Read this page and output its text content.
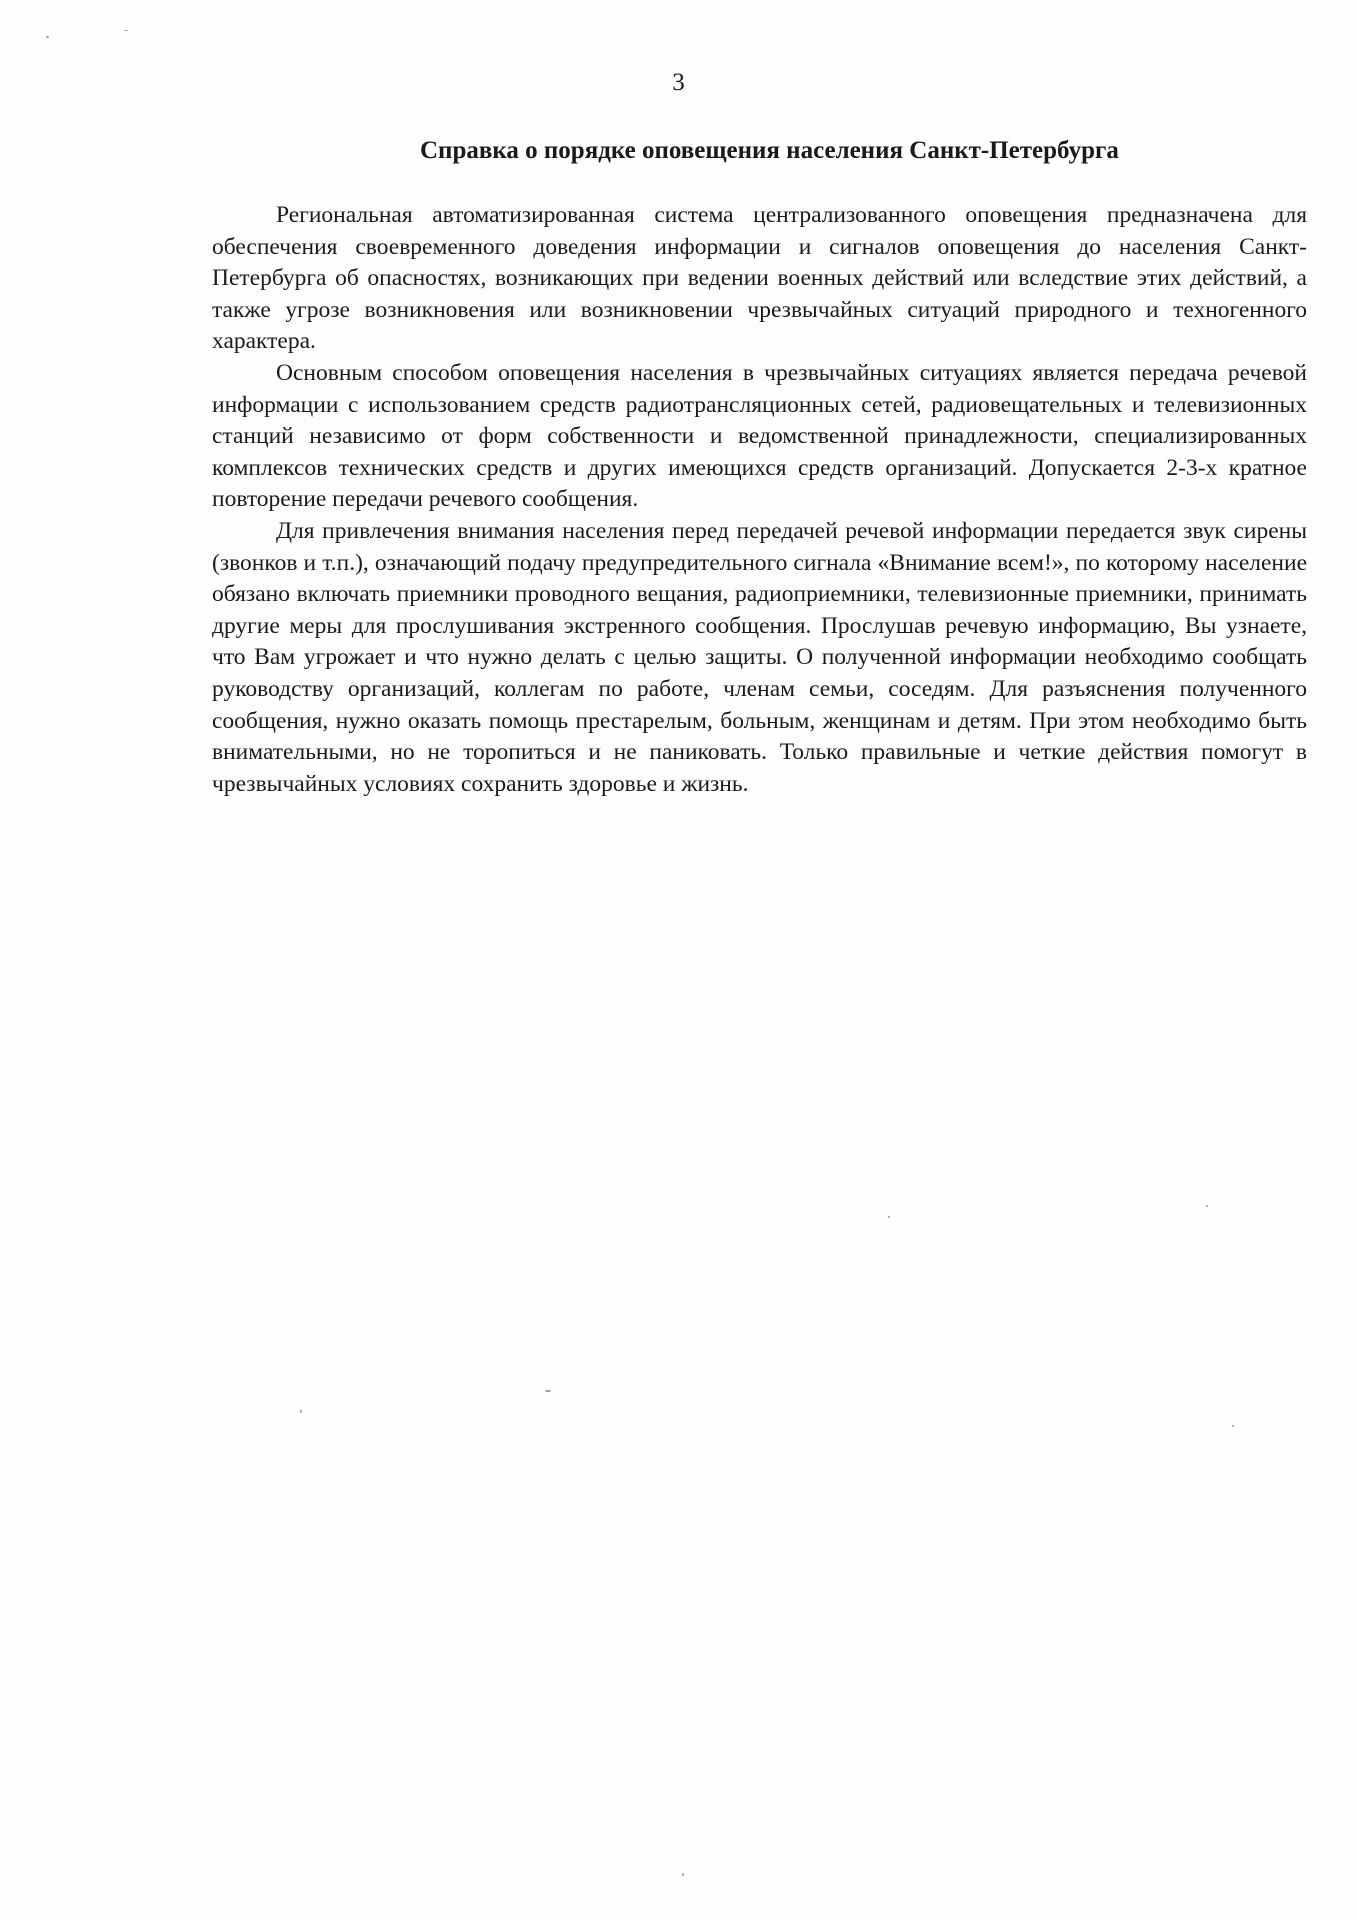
3
Справка о порядке оповещения населения Санкт-Петербурга

Региональная автоматизированная система централизованного оповещения предназначена для обеспечения своевременного доведения информации и сигналов оповещения до населения Санкт-Петербурга об опасностях, возникающих при ведении военных действий или вследствие этих действий, а также угрозе возникновения или возникновении чрезвычайных ситуаций природного и техногенного характера.

Основным способом оповещения населения в чрезвычайных ситуациях является передача речевой информации с использованием средств радиотрансляционных сетей, радиовещательных и телевизионных станций независимо от форм собственности и ведомственной принадлежности, специализированных комплексов технических средств и других имеющихся средств организаций. Допускается 2-3-х кратное повторение передачи речевого сообщения.

Для привлечения внимания населения перед передачей речевой информации передается звук сирены (звонков и т.п.), означающий подачу предупредительного сигнала «Внимание всем!», по которому население обязано включать приемники проводного вещания, радиоприемники, телевизионные приемники, принимать другие меры для прослушивания экстренного сообщения. Прослушав речевую информацию, Вы узнаете, что Вам угрожает и что нужно делать с целью защиты. О полученной информации необходимо сообщать руководству организаций, коллегам по работе, членам семьи, соседям. Для разъяснения полученного сообщения, нужно оказать помощь престарелым, больным, женщинам и детям. При этом необходимо быть внимательными, но не торопиться и не паниковать. Только правильные и четкие действия помогут в чрезвычайных условиях сохранить здоровье и жизнь.
